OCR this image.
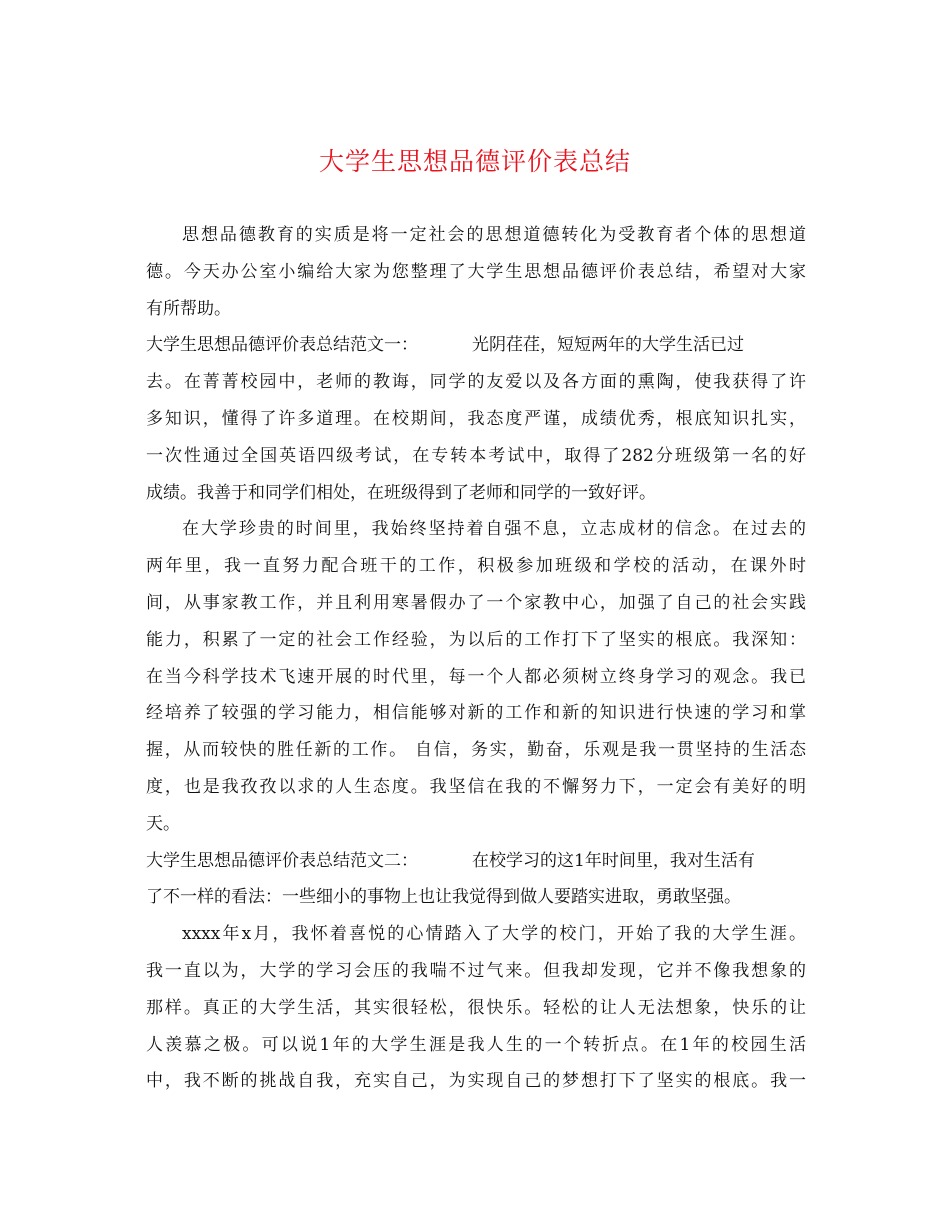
大学生思想品德评价表总结
思想品德教育的实质是将一定社会的思想道德转化为受教育者个体的思想道
德。今天办公室小编给大家为您整理了大学生思想品德评价表总结，希望对大家
有所帮助。
大学生思想品德评价表总结范文一：	光阴荏荏，短短两年的大学生活已过
去。在菁菁校园中，老师的教诲，同学的友爱以及各方面的熏陶，使我获得了许
多知识，懂得了许多道理。在校期间，我态度严谨，成绩优秀，根底知识扎实，
一次性通过全国英语四级考试，在专转本考试中，取得了282分班级第一名的好
成绩。我善于和同学们相处，在班级得到了老师和同学的一致好评。
在大学珍贵的时间里，我始终坚持着自强不息，立志成材的信念。在过去的
两年里，我一直努力配合班干的工作，积极参加班级和学校的活动，在课外时
间，从事家教工作，并且利用寒暑假办了一个家教中心，加强了自己的社会实践
能力，积累了一定的社会工作经验，为以后的工作打下了坚实的根底。我深知：
在当今科学技术飞速开展的时代里，每一个人都必须树立终身学习的观念。我已
经培养了较强的学习能力，相信能够对新的工作和新的知识进行快速的学习和掌
握，从而较快的胜任新的工作。 自信，务实，勤奋，乐观是我一贯坚持的生活态
度，也是我孜孜以求的人生态度。我坚信在我的不懈努力下，一定会有美好的明
天。
大学生思想品德评价表总结范文二：	在校学习的这1年时间里，我对生活有
了不一样的看法：一些细小的事物上也让我觉得到做人要踏实进取，勇敢坚强。
xxxx年x月，我怀着喜悦的心情踏入了大学的校门，开始了我的大学生涯。
我一直以为，大学的学习会压的我喘不过气来。但我却发现，它并不像我想象的
那样。真正的大学生活，其实很轻松，很快乐。轻松的让人无法想象，快乐的让
人羡慕之极。可以说1年的大学生涯是我人生的一个转折点。在1年的校园生活
中，我不断的挑战自我，充实自己，为实现自己的梦想打下了坚实的根底。我一
